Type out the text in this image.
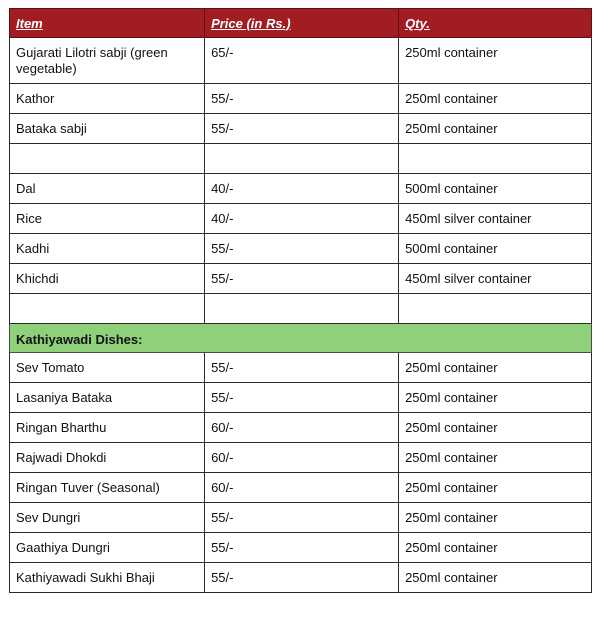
Item	Price (in Rs.)	Qty.
Gujarati Lilotri sabji (green vegetable)	65/-	250ml container
Kathor	55/-	250ml container
Bataka sabji	55/-	250ml container

Dal	40/-	500ml container
Rice	40/-	450ml silver container
Kadhi	55/-	500ml container
Khichdi	55/-	450ml silver container

Kathiyawadi Dishes:		
Sev Tomato	55/-	250ml container
Lasaniya Bataka	55/-	250ml container
Ringan Bharthu	60/-	250ml container
Rajwadi Dhokdi	60/-	250ml container
Ringan Tuver (Seasonal)	60/-	250ml container
Sev Dungri	55/-	250ml container
Gaathiya Dungri	55/-	250ml container
Kathiyawadi Sukhi Bhaji	55/-	250ml container
